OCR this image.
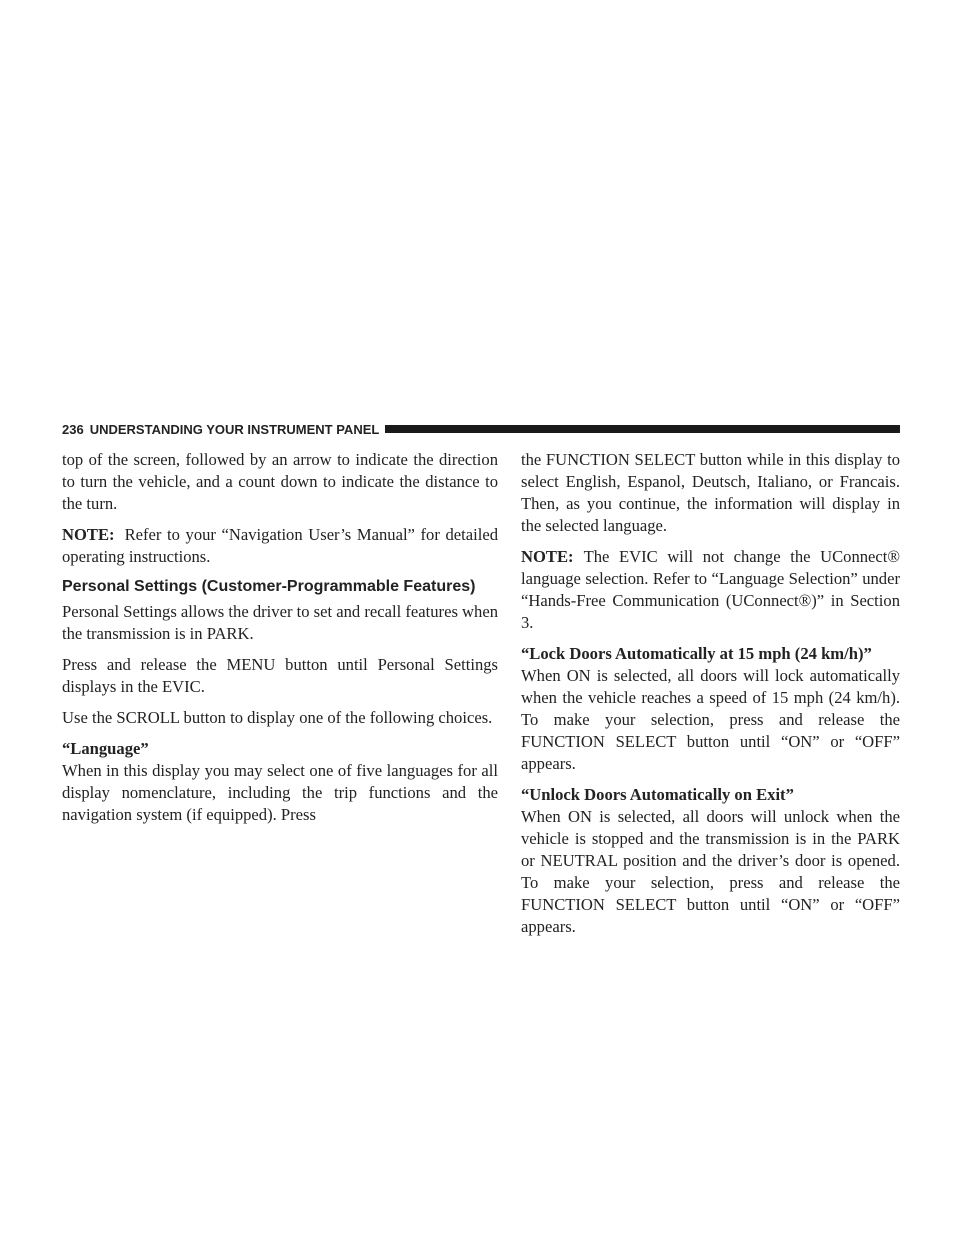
236 UNDERSTANDING YOUR INSTRUMENT PANEL

top of the screen, followed by an arrow to indicate the direction to turn the vehicle, and a count down to indicate the distance to the turn.

NOTE: Refer to your “Navigation User’s Manual” for detailed operating instructions.

Personal Settings (Customer-Programmable Features)

Personal Settings allows the driver to set and recall features when the transmission is in PARK.

Press and release the MENU button until Personal Settings displays in the EVIC.

Use the SCROLL button to display one of the following choices.

“Language”

When in this display you may select one of five languages for all display nomenclature, including the trip functions and the navigation system (if equipped). Press

the FUNCTION SELECT button while in this display to select English, Espanol, Deutsch, Italiano, or Francais. Then, as you continue, the information will display in the selected language.

NOTE: The EVIC will not change the UConnect® language selection. Refer to “Language Selection” under “Hands-Free Communication (UConnect®)” in Section 3.

“Lock Doors Automatically at 15 mph (24 km/h)”

When ON is selected, all doors will lock automatically when the vehicle reaches a speed of 15 mph (24 km/h). To make your selection, press and release the FUNCTION SELECT button until “ON” or “OFF” appears.

“Unlock Doors Automatically on Exit”

When ON is selected, all doors will unlock when the vehicle is stopped and the transmission is in the PARK or NEUTRAL position and the driver’s door is opened. To make your selection, press and release the FUNCTION SELECT button until “ON” or “OFF” appears.
